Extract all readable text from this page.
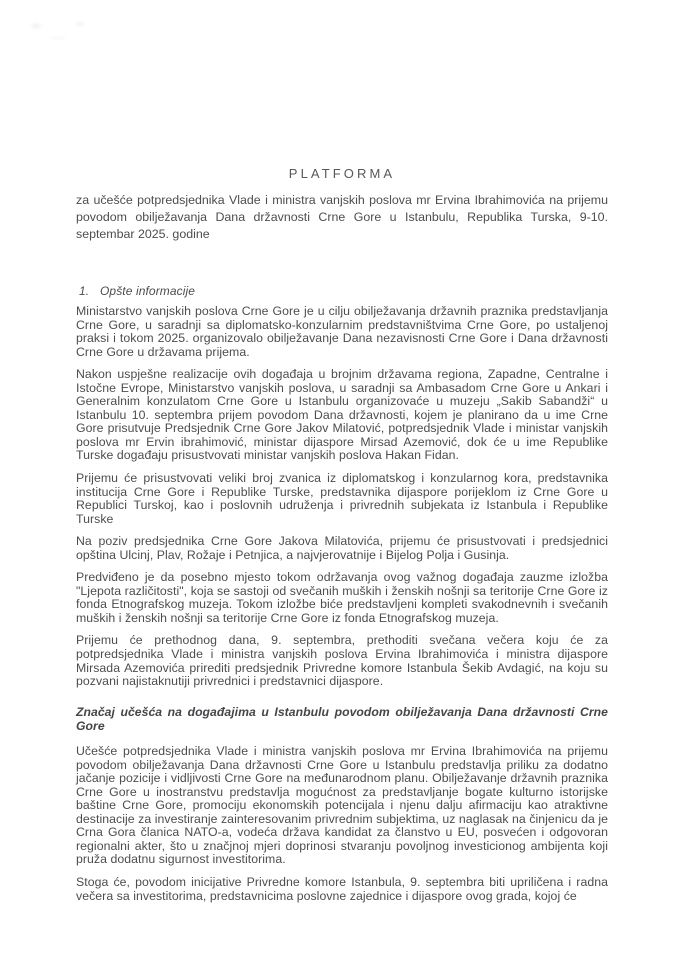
PLATFORMA
za učešće potpredsjednika Vlade i ministra vanjskih poslova mr Ervina Ibrahimovića na prijemu povodom obilježavanja Dana državnosti Crne Gore u Istanbulu, Republika Turska, 9-10. septembar 2025. godine
1. Opšte informacije

Ministarstvo vanjskih poslova Crne Gore je u cilju obilježavanja državnih praznika predstavljanja Crne Gore, u saradnji sa diplomatsko-konzularnim predstavništvima Crne Gore, po ustaljenoj praksi i tokom 2025. organizovalo obilježavanje Dana nezavisnosti Crne Gore i Dana državnosti Crne Gore u državama prijema.

Nakon uspješne realizacije ovih događaja u brojnim državama regiona, Zapadne, Centralne i Istočne Evrope, Ministarstvo vanjskih poslova, u saradnji sa Ambasadom Crne Gore u Ankari i Generalnim konzulatom Crne Gore u Istanbulu organizovaće u muzeju „Sakib Sabandži“ u Istanbulu 10. septembra prijem povodom Dana državnosti, kojem je planirano da u ime Crne Gore prisutvuje Predsjednik Crne Gore Jakov Milatović, potpredsjednik Vlade i ministar vanjskih poslova mr Ervin ibrahimović, ministar dijaspore Mirsad Azemović, dok će u ime Republike Turske događaju prisustvovati ministar vanjskih poslova Hakan Fidan.

Prijemu će prisustvovati veliki broj zvanica iz diplomatskog i konzularnog kora, predstavnika institucija Crne Gore i Republike Turske, predstavnika dijaspore porijeklom iz Crne Gore u Republici Turskoj, kao i poslovnih udruženja i privrednih subjekata iz Istanbula i Republike Turske

Na poziv predsjednika Crne Gore Jakova Milatovića, prijemu će prisustvovati i predsjednici opština Ulcinj, Plav, Rožaje i Petnjica, a najvjerovatnije i Bijelog Polja i Gusinja.

Predviđeno je da posebno mjesto tokom održavanja ovog važnog događaja zauzme izložba "Ljepota različitosti", koja se sastoji od svečanih muških i ženskih nošnji sa teritorije Crne Gore iz fonda Etnografskog muzeja. Tokom izložbe biće predstavljeni kompleti svakodnevnih i svečanih muških i ženskih nošnji sa teritorije Crne Gore iz fonda Etnografskog muzeja.

Prijemu će prethodnog dana, 9. septembra, prethoditi svečana večera koju će za potpredsjednika Vlade i ministra vanjskih poslova Ervina Ibrahimovića i ministra dijaspore Mirsada Azemovića prirediti predsjednik Privredne komore Istanbula Šekib Avdagić, na koju su pozvani najistaknutiji privrednici i predstavnici dijaspore.

Značaj učešća na događajima u Istanbulu povodom obilježavanja Dana državnosti Crne Gore

Učešće potpredsjednika Vlade i ministra vanjskih poslova mr Ervina Ibrahimovića na prijemu povodom obilježavanja Dana državnosti Crne Gore u Istanbulu predstavlja priliku za dodatno jačanje pozicije i vidljivosti Crne Gore na međunarodnom planu. Obilježavanje državnih praznika Crne Gore u inostranstvu predstavlja mogućnost za predstavljanje bogate kulturno istorijske baštine Crne Gore, promociju ekonomskih potencijala i njenu dalju afirmaciju kao atraktivne destinacije za investiranje zainteresovanim privrednim subjektima, uz naglasak na činjenicu da je Crna Gora članica NATO-a, vodeća država kandidat za članstvo u EU, posvećen i odgovoran regionalni akter, što u značjnoj mjeri doprinosi stvaranju povoljnog investicionog ambijenta koji pruža dodatnu sigurnost investitorima.

Stoga će, povodom inicijative Privredne komore Istanbula, 9. septembra biti upriličena i radna večera sa investitorima, predstavnicima poslovne zajednice i dijaspore ovog grada, kojoj će
